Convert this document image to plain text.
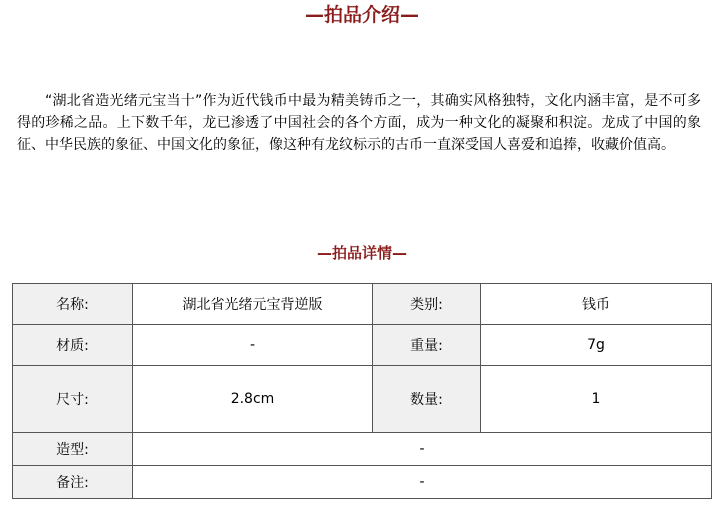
—拍品介绍—

“湖北省造光绪元宝当十”作为近代钱币中最为精美铸币之一，其确实风格独特，文化内涵丰富，是不可多得的珍稀之品。上下数千年，龙已渗透了中国社会的各个方面，成为一种文化的凝聚和积淀。龙成了中国的象征、中华民族的象征、中国文化的象征，像这种有龙纹标示的古币一直深受国人喜爱和追捧，收藏价值高。

—拍品详情—
名称:	湖北省光绪元宝背逆版	类别:	钱币
材质:	-	重量:	7g
尺寸:	2.8cm	数量:	1
造型:	-		
备注:	-		
